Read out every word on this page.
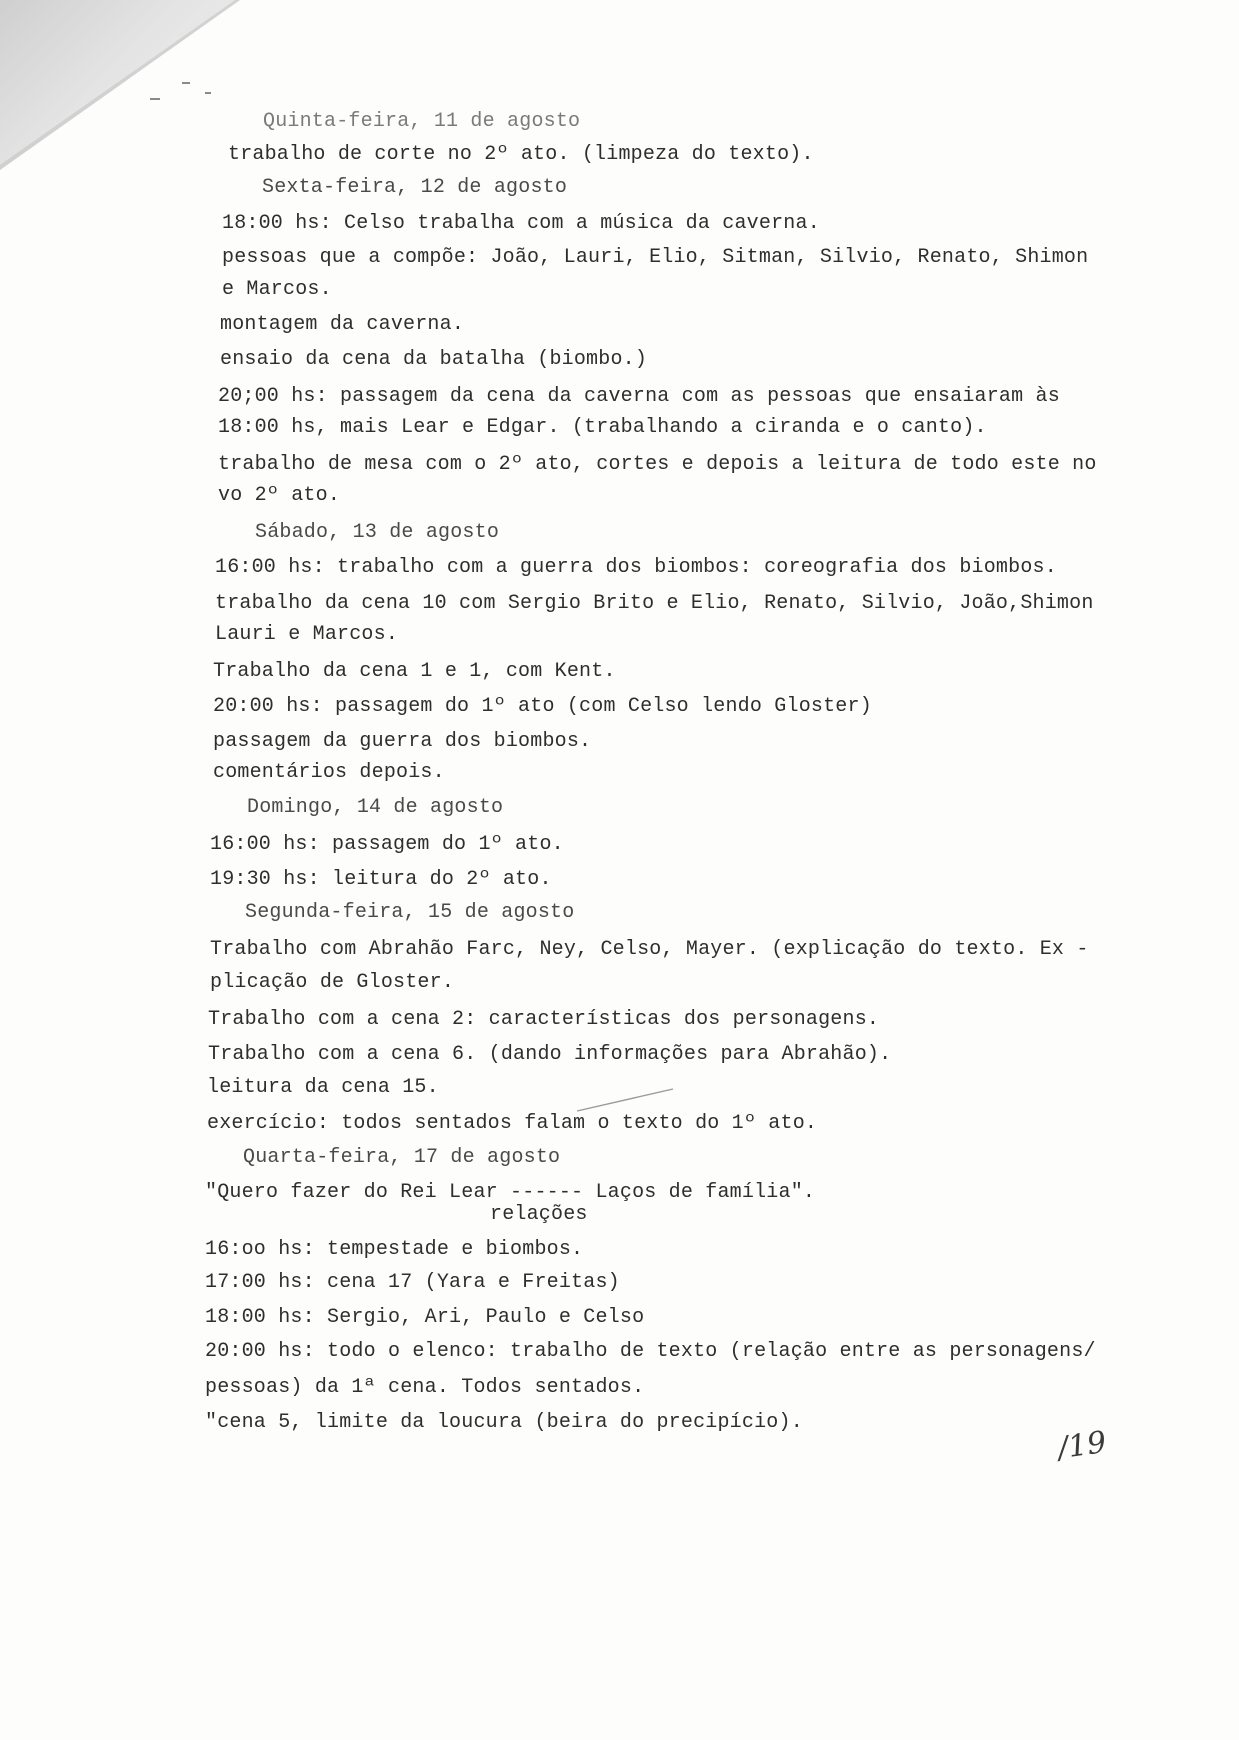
Quinta-feira, 11 de agosto
trabalho de corte no 2º ato. (limpeza do texto).
Sexta-feira, 12 de agosto
18:00 hs: Celso trabalha com a música da caverna.
pessoas que a compõe: João, Lauri, Elio, Sitman, Silvio, Renato, Shimon
e Marcos.
montagem da caverna.
ensaio da cena da batalha (biombo.)
20;00 hs: passagem da cena da caverna com as pessoas que ensaiaram às
18:00 hs, mais Lear e Edgar. (trabalhando a ciranda e o canto).
trabalho de mesa com o 2º ato, cortes e depois a leitura de todo este no
vo 2º ato.
Sábado, 13 de agosto
16:00 hs: trabalho com a guerra dos biombos: coreografia dos biombos.
trabalho da cena 10 com Sergio Brito e Elio, Renato, Silvio, João,Shimon
Lauri e Marcos.
Trabalho da cena 1 e 1, com Kent.
20:00 hs: passagem do 1º ato (com Celso lendo Gloster)
passagem da guerra dos biombos.
comentários depois.
Domingo, 14 de agosto
16:00 hs: passagem do 1º ato.
19:30 hs: leitura do 2º ato.
Segunda-feira, 15 de agosto
Trabalho com Abrahão Farc, Ney, Celso, Mayer. (explicação do texto. Ex -
plicação de Gloster.
Trabalho com a cena 2: características dos personagens.
Trabalho com a cena 6. (dando informações para Abrahão).
leitura da cena 15.
exercício: todos sentados falam o texto do 1º ato.
Quarta-feira, 17 de agosto
"Quero fazer do Rei Lear ------ Laços de família".
relações
16:oo hs: tempestade e biombos.
17:00 hs: cena 17 (Yara e Freitas)
18:00 hs: Sergio, Ari, Paulo e Celso
20:00 hs: todo o elenco: trabalho de texto (relação entre as personagens/
pessoas) da 1ª cena. Todos sentados.
"cena 5, limite da loucura (beira do precipício).
/19
